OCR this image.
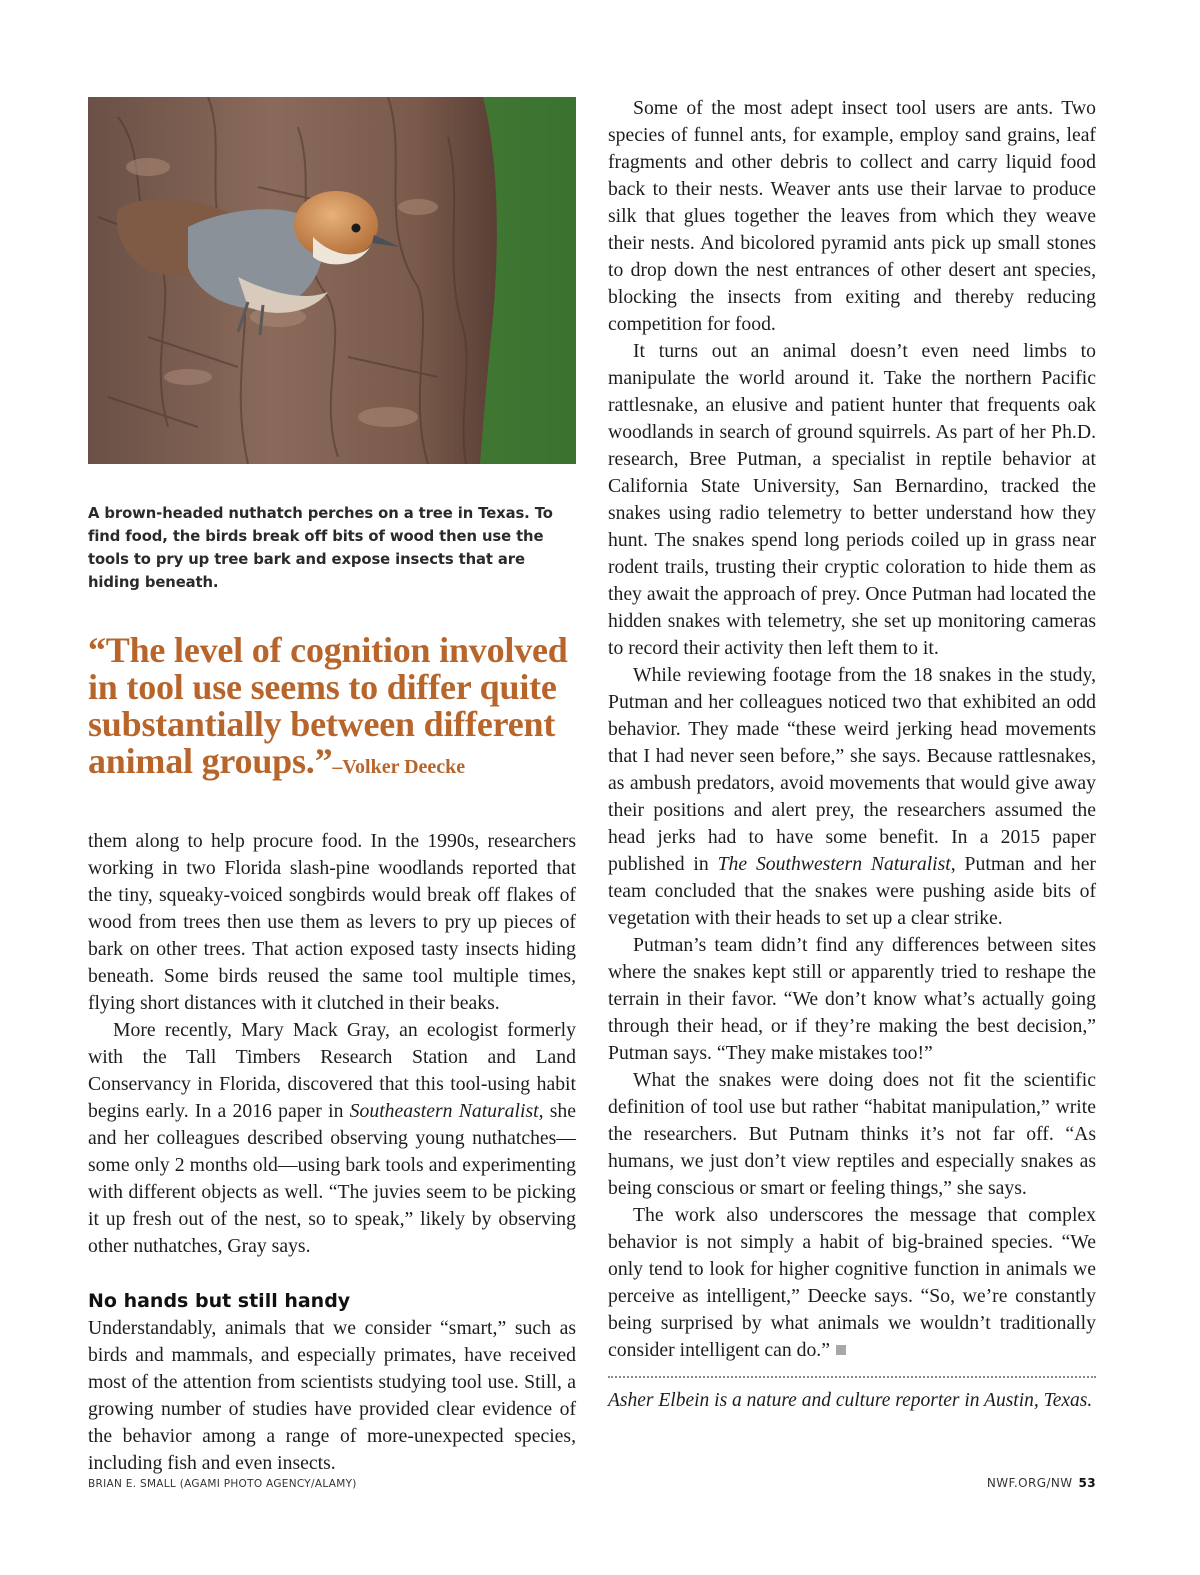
A brown-headed nuthatch perches on a tree in Texas. To find food, the birds break off bits of wood then use the tools to pry up tree bark and expose insects that are hiding beneath.
“The level of cognition involved in tool use seems to differ quite substantially between different animal groups.”–Volker Deecke

them along to help procure food. In the 1990s, researchers working in two Florida slash-pine woodlands reported that the tiny, squeaky-voiced songbirds would break off flakes of wood from trees then use them as levers to pry up pieces of bark on other trees. That action exposed tasty insects hiding beneath. Some birds reused the same tool multiple times, flying short distances with it clutched in their beaks.

More recently, Mary Mack Gray, an ecologist formerly with the Tall Timbers Research Station and Land Conservancy in Florida, discovered that this tool-using habit begins early. In a 2016 paper in Southeastern Naturalist, she and her colleagues described observing young nuthatches—some only 2 months old—using bark tools and experimenting with different objects as well. “The juvies seem to be picking it up fresh out of the nest, so to speak,” likely by observing other nuthatches, Gray says.

No hands but still handy

Understandably, animals that we consider “smart,” such as birds and mammals, and especially primates, have received most of the attention from scientists studying tool use. Still, a growing number of studies have provided clear evidence of the behavior among a range of more-unexpected species, including fish and even insects.

Some of the most adept insect tool users are ants. Two species of funnel ants, for example, employ sand grains, leaf fragments and other debris to collect and carry liquid food back to their nests. Weaver ants use their larvae to produce silk that glues together the leaves from which they weave their nests. And bicolored pyramid ants pick up small stones to drop down the nest entrances of other desert ant species, blocking the insects from exiting and thereby reducing competition for food.

It turns out an animal doesn’t even need limbs to manipulate the world around it. Take the northern Pacific rattlesnake, an elusive and patient hunter that frequents oak woodlands in search of ground squirrels. As part of her Ph.D. research, Bree Putman, a specialist in reptile behavior at California State University, San Bernardino, tracked the snakes using radio telemetry to better understand how they hunt. The snakes spend long periods coiled up in grass near rodent trails, trusting their cryptic coloration to hide them as they await the approach of prey. Once Putman had located the hidden snakes with telemetry, she set up monitoring cameras to record their activity then left them to it.

While reviewing footage from the 18 snakes in the study, Putman and her colleagues noticed two that exhibited an odd behavior. They made “these weird jerking head movements that I had never seen before,” she says. Because rattlesnakes, as ambush predators, avoid movements that would give away their positions and alert prey, the researchers assumed the head jerks had to have some benefit. In a 2015 paper published in The Southwestern Naturalist, Putman and her team concluded that the snakes were pushing aside bits of vegetation with their heads to set up a clear strike.

Putman’s team didn’t find any differences between sites where the snakes kept still or apparently tried to reshape the terrain in their favor. “We don’t know what’s actually going through their head, or if they’re making the best decision,” Putman says. “They make mistakes too!”

What the snakes were doing does not fit the scientific definition of tool use but rather “habitat manipulation,” write the researchers. But Putnam thinks it’s not far off. “As humans, we just don’t view reptiles and especially snakes as being conscious or smart or feeling things,” she says.

The work also underscores the message that complex behavior is not simply a habit of big-brained species. “We only tend to look for higher cognitive function in animals we perceive as intelligent,” Deecke says. “So, we’re constantly being surprised by what animals we wouldn’t traditionally consider intelligent can do.”

Asher Elbein is a nature and culture reporter in Austin, Texas.
BRIAN E. SMALL (AGAMI PHOTO AGENCY/ALAMY)	NWF.ORG/NW 53
